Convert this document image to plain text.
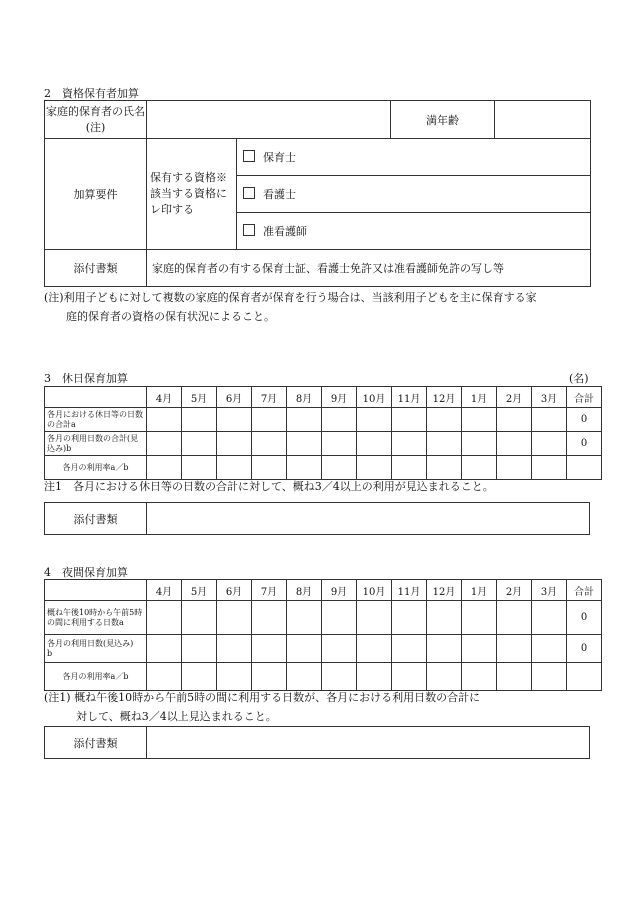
2　資格保有者加算
家庭的保育者の氏名(注)			満年齢	
加算要件	保有する資格※該当する資格にレ印する	保育士		
		看護士		
		准看護師		
添付書類	家庭的保育者の有する保育士証、看護士免許又は准看護師免許の写し等			
(注)利用子どもに対して複数の家庭的保育者が保育を行う場合は、当該利用子どもを主に保育する家
庭的保育者の資格の保有状況によること。
3　休日保育加算	(名)
	4月	5月	6月	7月	8月	9月	10月	11月	12月	1月	2月	3月	合計
各月における休日等の日数の合計a													0
各月の利用日数の合計(見込み)b													0
各月の利用率a／b													
注1　各月における休日等の日数の合計に対して、概ね3／4以上の利用が見込まれること。
添付書類	
4　夜間保育加算
	4月	5月	6月	7月	8月	9月	10月	11月	12月	1月	2月	3月	合計
概ね午後10時から午前5時の間に利用する日数a													0
各月の利用日数(見込み)　　b													0
各月の利用率a／b													
(注1) 概ね午後10時から午前5時の間に利用する日数が、各月における利用日数の合計に
対して、概ね3／4以上見込まれること。
添付書類	
